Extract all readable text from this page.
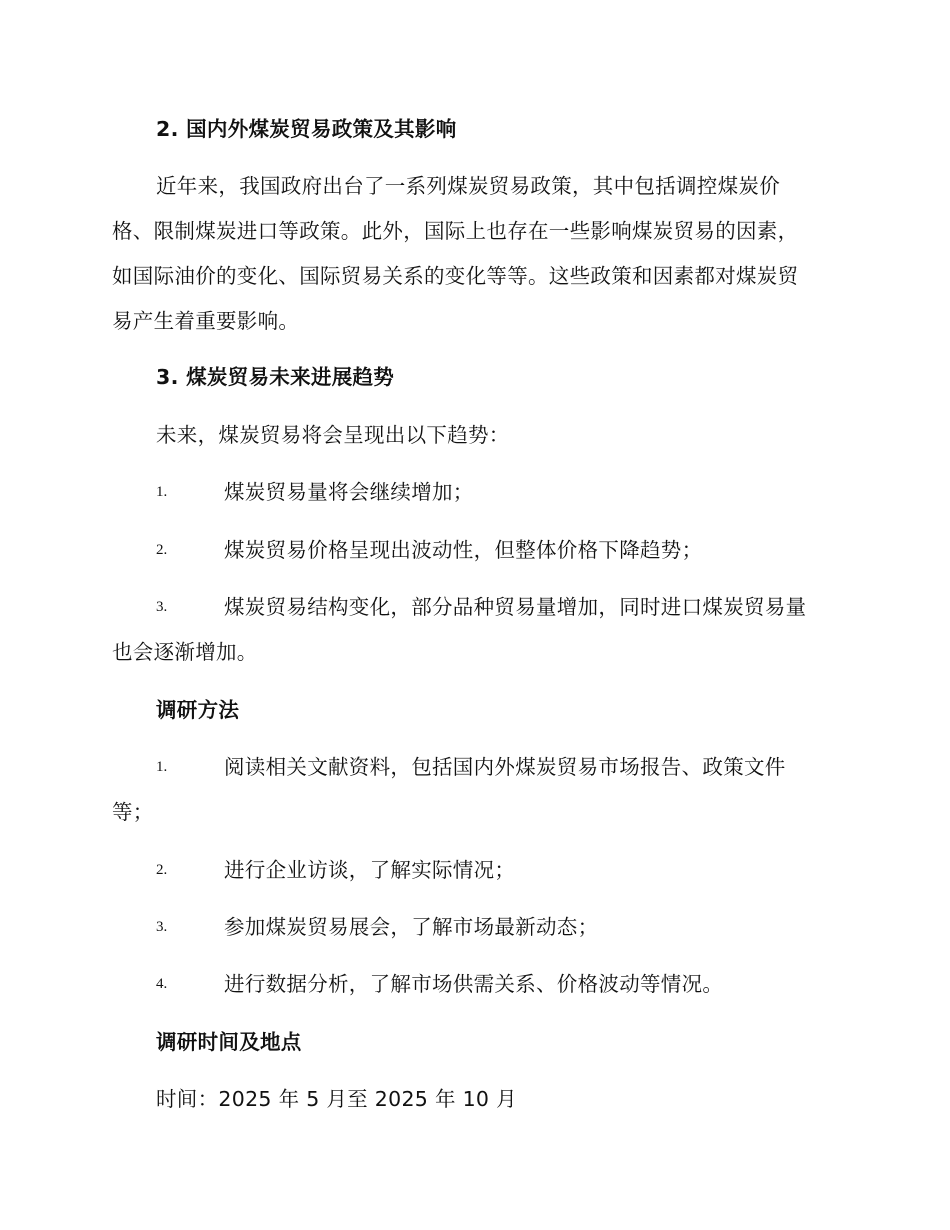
2. 国内外煤炭贸易政策及其影响
近年来，我国政府出台了一系列煤炭贸易政策，其中包括调控煤炭价
格、限制煤炭进口等政策。此外，国际上也存在一些影响煤炭贸易的因素，
如国际油价的变化、国际贸易关系的变化等等。这些政策和因素都对煤炭贸
易产生着重要影响。
3. 煤炭贸易未来进展趋势
未来，煤炭贸易将会呈现出以下趋势：
1.	煤炭贸易量将会继续增加；
2.	煤炭贸易价格呈现出波动性，但整体价格下降趋势；
3.	煤炭贸易结构变化，部分品种贸易量增加，同时进口煤炭贸易量
也会逐渐增加。
调研方法
1.	阅读相关文献资料，包括国内外煤炭贸易市场报告、政策文件
等；
2.	进行企业访谈，了解实际情况；
3.	参加煤炭贸易展会，了解市场最新动态；
4.	进行数据分析，了解市场供需关系、价格波动等情况。
调研时间及地点
时间：2025 年 5 月至 2025 年 10 月
